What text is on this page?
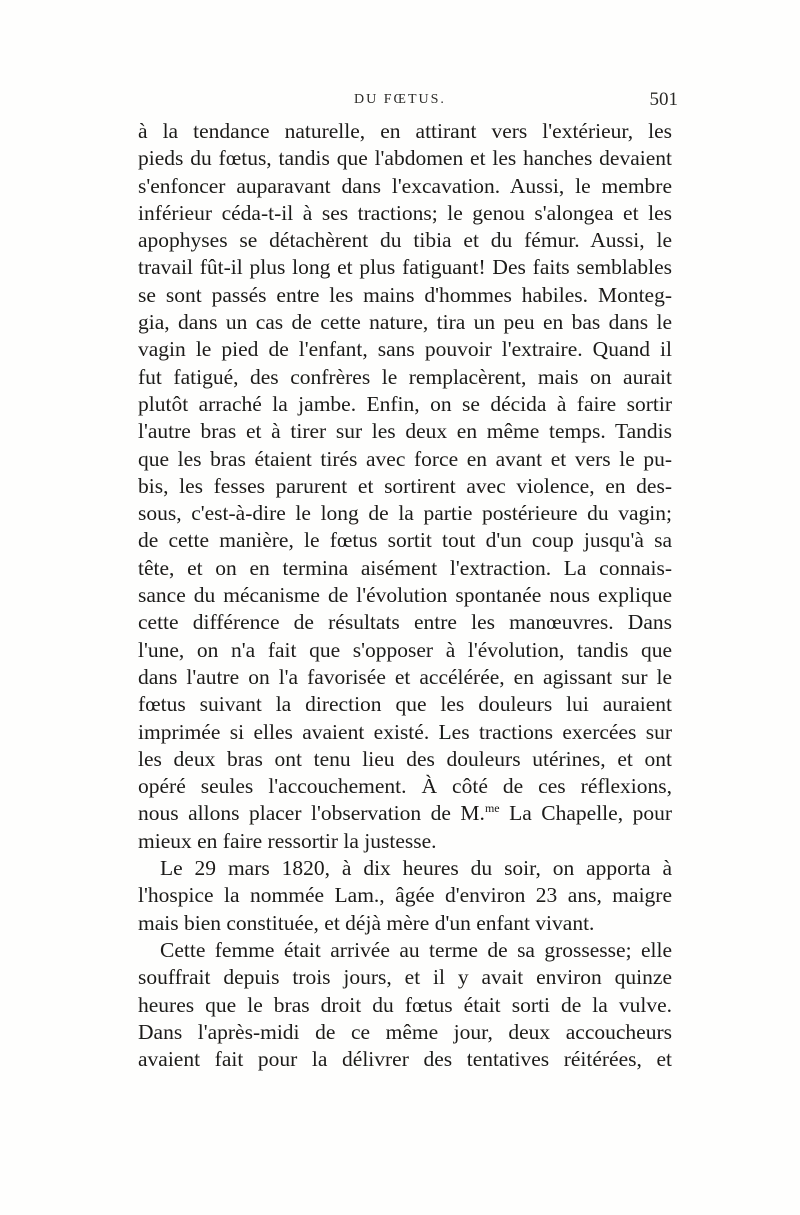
DU FŒTUS.	501
à la tendance naturelle, en attirant vers l'extérieur, les
pieds du fœtus, tandis que l'abdomen et les hanches devaient
s'enfoncer auparavant dans l'excavation. Aussi, le membre
inférieur céda-t-il à ses tractions; le genou s'alongea et les
apophyses se détachèrent du tibia et du fémur. Aussi, le
travail fût-il plus long et plus fatiguant! Des faits semblables
se sont passés entre les mains d'hommes habiles. Monteg-
gia, dans un cas de cette nature, tira un peu en bas dans le
vagin le pied de l'enfant, sans pouvoir l'extraire. Quand il
fut fatigué, des confrères le remplacèrent, mais on aurait
plutôt arraché la jambe. Enfin, on se décida à faire sortir
l'autre bras et à tirer sur les deux en même temps. Tandis
que les bras étaient tirés avec force en avant et vers le pu-
bis, les fesses parurent et sortirent avec violence, en des-
sous, c'est-à-dire le long de la partie postérieure du vagin;
de cette manière, le fœtus sortit tout d'un coup jusqu'à sa
tête, et on en termina aisément l'extraction. La connais-
sance du mécanisme de l'évolution spontanée nous explique
cette différence de résultats entre les manœuvres. Dans
l'une, on n'a fait que s'opposer à l'évolution, tandis que
dans l'autre on l'a favorisée et accélérée, en agissant sur le
fœtus suivant la direction que les douleurs lui auraient
imprimée si elles avaient existé. Les tractions exercées sur
les deux bras ont tenu lieu des douleurs utérines, et ont
opéré seules l'accouchement. À côté de ces réflexions,
nous allons placer l'observation de M.$^{me}$ La Chapelle, pour
mieux en faire ressortir la justesse.
Le 29 mars 1820, à dix heures du soir, on apporta à
l'hospice la nommée Lam., âgée d'environ 23 ans, maigre
mais bien constituée, et déjà mère d'un enfant vivant.
Cette femme était arrivée au terme de sa grossesse; elle
souffrait depuis trois jours, et il y avait environ quinze
heures que le bras droit du fœtus était sorti de la vulve.
Dans l'après-midi de ce même jour, deux accoucheurs
avaient fait pour la délivrer des tentatives réitérées, et
